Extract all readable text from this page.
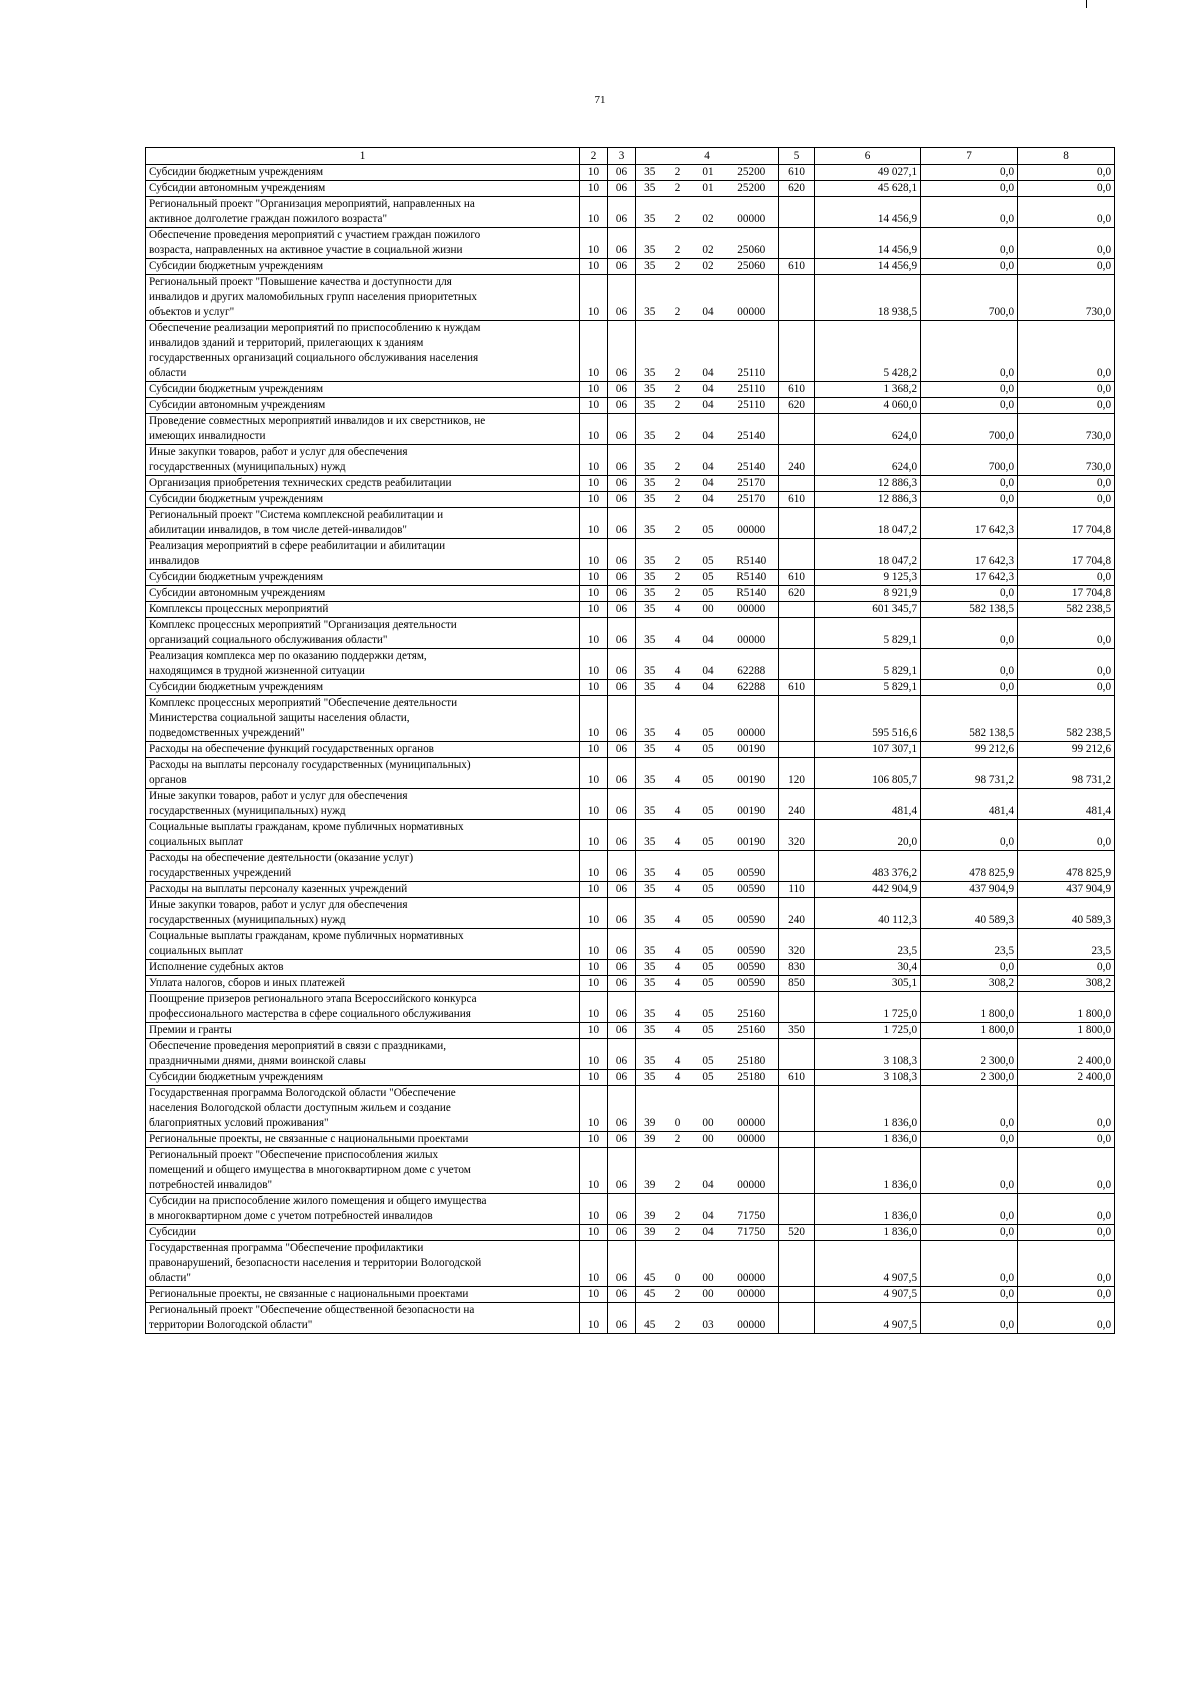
71
1	2	3	4				5	6	7	8
Субсидии бюджетным учреждениям	10	06	35	2	01	25200	610	49 027,1	0,0	0,0
Субсидии автономным учреждениям	10	06	35	2	01	25200	620	45 628,1	0,0	0,0
Региональный проект "Организация мероприятий, направленных на
активное долголетие граждан пожилого возраста"	10	06	35	2	02	00000		14 456,9	0,0	0,0
Обеспечение проведения мероприятий с участием граждан пожилого
возраста, направленных на активное участие в социальной жизни	10	06	35	2	02	25060		14 456,9	0,0	0,0
Субсидии бюджетным учреждениям	10	06	35	2	02	25060	610	14 456,9	0,0	0,0
Региональный проект "Повышение качества и доступности для
инвалидов и других маломобильных групп населения приоритетных
объектов и услуг"	10	06	35	2	04	00000		18 938,5	700,0	730,0
Обеспечение реализации мероприятий по приспособлению к нуждам
инвалидов зданий и территорий, прилегающих к зданиям
государственных организаций социального обслуживания населения
области	10	06	35	2	04	25110		5 428,2	0,0	0,0
Субсидии бюджетным учреждениям	10	06	35	2	04	25110	610	1 368,2	0,0	0,0
Субсидии автономным учреждениям	10	06	35	2	04	25110	620	4 060,0	0,0	0,0
Проведение совместных мероприятий инвалидов и их сверстников, не
имеющих инвалидности	10	06	35	2	04	25140		624,0	700,0	730,0
Иные закупки товаров, работ и услуг для обеспечения
государственных (муниципальных) нужд	10	06	35	2	04	25140	240	624,0	700,0	730,0
Организация приобретения технических средств реабилитации	10	06	35	2	04	25170		12 886,3	0,0	0,0
Субсидии бюджетным учреждениям	10	06	35	2	04	25170	610	12 886,3	0,0	0,0
Региональный проект "Система комплексной реабилитации и
абилитации инвалидов, в том числе детей-инвалидов"	10	06	35	2	05	00000		18 047,2	17 642,3	17 704,8
Реализация мероприятий в сфере реабилитации и абилитации
инвалидов	10	06	35	2	05	R5140		18 047,2	17 642,3	17 704,8
Субсидии бюджетным учреждениям	10	06	35	2	05	R5140	610	9 125,3	17 642,3	0,0
Субсидии автономным учреждениям	10	06	35	2	05	R5140	620	8 921,9	0,0	17 704,8
Комплексы процессных мероприятий	10	06	35	4	00	00000		601 345,7	582 138,5	582 238,5
Комплекс процессных мероприятий "Организация деятельности
организаций социального обслуживания области"	10	06	35	4	04	00000		5 829,1	0,0	0,0
Реализация комплекса мер по оказанию поддержки детям,
находящимся в трудной жизненной ситуации	10	06	35	4	04	62288		5 829,1	0,0	0,0
Субсидии бюджетным учреждениям	10	06	35	4	04	62288	610	5 829,1	0,0	0,0
Комплекс процессных мероприятий "Обеспечение деятельности
Министерства социальной защиты населения области,
подведомственных учреждений"	10	06	35	4	05	00000		595 516,6	582 138,5	582 238,5
Расходы на обеспечение функций государственных органов	10	06	35	4	05	00190		107 307,1	99 212,6	99 212,6
Расходы на выплаты персоналу государственных (муниципальных)
органов	10	06	35	4	05	00190	120	106 805,7	98 731,2	98 731,2
Иные закупки товаров, работ и услуг для обеспечения
государственных (муниципальных) нужд	10	06	35	4	05	00190	240	481,4	481,4	481,4
Социальные выплаты гражданам, кроме публичных нормативных
социальных выплат	10	06	35	4	05	00190	320	20,0	0,0	0,0
Расходы на обеспечение деятельности (оказание услуг)
государственных учреждений	10	06	35	4	05	00590		483 376,2	478 825,9	478 825,9
Расходы на выплаты персоналу казенных учреждений	10	06	35	4	05	00590	110	442 904,9	437 904,9	437 904,9
Иные закупки товаров, работ и услуг для обеспечения
государственных (муниципальных) нужд	10	06	35	4	05	00590	240	40 112,3	40 589,3	40 589,3
Социальные выплаты гражданам, кроме публичных нормативных
социальных выплат	10	06	35	4	05	00590	320	23,5	23,5	23,5
Исполнение судебных актов	10	06	35	4	05	00590	830	30,4	0,0	0,0
Уплата налогов, сборов и иных платежей	10	06	35	4	05	00590	850	305,1	308,2	308,2
Поощрение призеров регионального этапа Всероссийского конкурса
профессионального мастерства в сфере социального обслуживания	10	06	35	4	05	25160		1 725,0	1 800,0	1 800,0
Премии и гранты	10	06	35	4	05	25160	350	1 725,0	1 800,0	1 800,0
Обеспечение проведения мероприятий в связи с праздниками,
праздничными днями, днями воинской славы	10	06	35	4	05	25180		3 108,3	2 300,0	2 400,0
Субсидии бюджетным учреждениям	10	06	35	4	05	25180	610	3 108,3	2 300,0	2 400,0
Государственная программа Вологодской области "Обеспечение
населения Вологодской области доступным жильем и создание
благоприятных условий проживания"	10	06	39	0	00	00000		1 836,0	0,0	0,0
Региональные проекты, не связанные с национальными проектами	10	06	39	2	00	00000		1 836,0	0,0	0,0
Региональный проект "Обеспечение приспособления жилых
помещений и общего имущества в многоквартирном доме с учетом
потребностей инвалидов"	10	06	39	2	04	00000		1 836,0	0,0	0,0
Субсидии на приспособление жилого помещения и общего имущества
в многоквартирном доме с учетом потребностей инвалидов	10	06	39	2	04	71750		1 836,0	0,0	0,0
Субсидии	10	06	39	2	04	71750	520	1 836,0	0,0	0,0
Государственная программа "Обеспечение профилактики
правонарушений, безопасности населения и территории Вологодской
области"	10	06	45	0	00	00000		4 907,5	0,0	0,0
Региональные проекты, не связанные с национальными проектами	10	06	45	2	00	00000		4 907,5	0,0	0,0
Региональный проект "Обеспечение общественной безопасности на
территории Вологодской области"	10	06	45	2	03	00000		4 907,5	0,0	0,0
